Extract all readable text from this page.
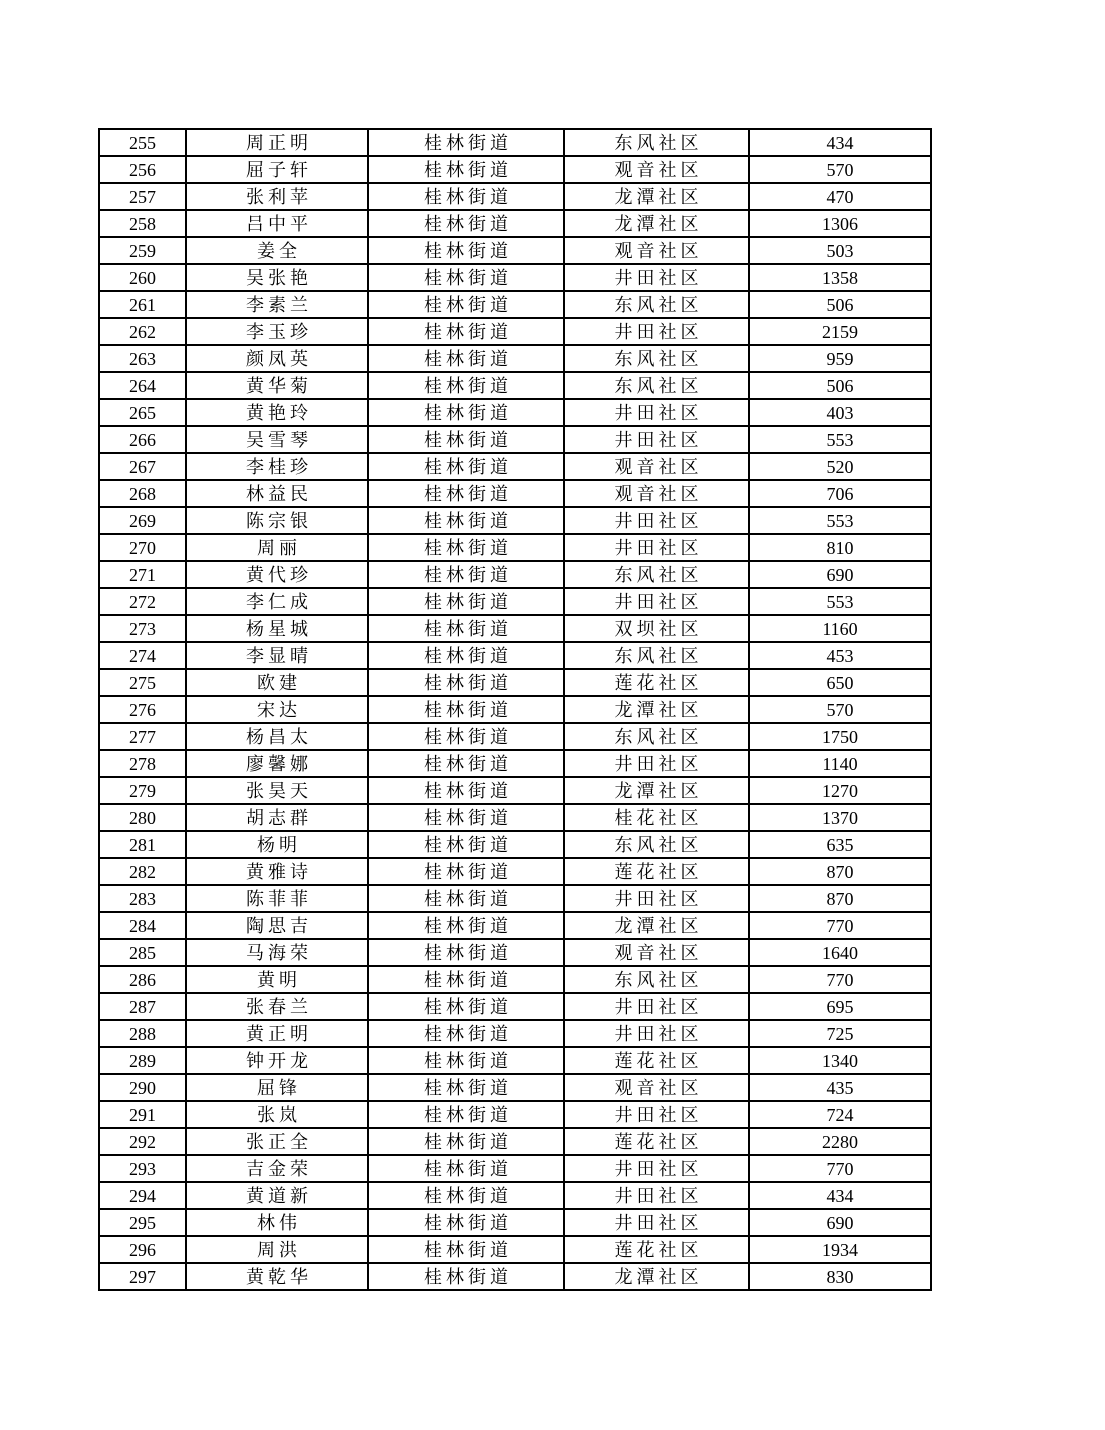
255	周正明	桂林街道	东风社区	434
256	屈子轩	桂林街道	观音社区	570
257	张利苹	桂林街道	龙潭社区	470
258	吕中平	桂林街道	龙潭社区	1306
259	姜全	桂林街道	观音社区	503
260	吴张艳	桂林街道	井田社区	1358
261	李素兰	桂林街道	东风社区	506
262	李玉珍	桂林街道	井田社区	2159
263	颜凤英	桂林街道	东风社区	959
264	黄华菊	桂林街道	东风社区	506
265	黄艳玲	桂林街道	井田社区	403
266	吴雪琴	桂林街道	井田社区	553
267	李桂珍	桂林街道	观音社区	520
268	林益民	桂林街道	观音社区	706
269	陈宗银	桂林街道	井田社区	553
270	周丽	桂林街道	井田社区	810
271	黄代珍	桂林街道	东风社区	690
272	李仁成	桂林街道	井田社区	553
273	杨星城	桂林街道	双坝社区	1160
274	李显晴	桂林街道	东风社区	453
275	欧建	桂林街道	莲花社区	650
276	宋达	桂林街道	龙潭社区	570
277	杨昌太	桂林街道	东风社区	1750
278	廖馨娜	桂林街道	井田社区	1140
279	张昊天	桂林街道	龙潭社区	1270
280	胡志群	桂林街道	桂花社区	1370
281	杨明	桂林街道	东风社区	635
282	黄雅诗	桂林街道	莲花社区	870
283	陈菲菲	桂林街道	井田社区	870
284	陶思吉	桂林街道	龙潭社区	770
285	马海荣	桂林街道	观音社区	1640
286	黄明	桂林街道	东风社区	770
287	张春兰	桂林街道	井田社区	695
288	黄正明	桂林街道	井田社区	725
289	钟开龙	桂林街道	莲花社区	1340
290	屈锋	桂林街道	观音社区	435
291	张岚	桂林街道	井田社区	724
292	张正全	桂林街道	莲花社区	2280
293	吉金荣	桂林街道	井田社区	770
294	黄道新	桂林街道	井田社区	434
295	林伟	桂林街道	井田社区	690
296	周洪	桂林街道	莲花社区	1934
297	黄乾华	桂林街道	龙潭社区	830
